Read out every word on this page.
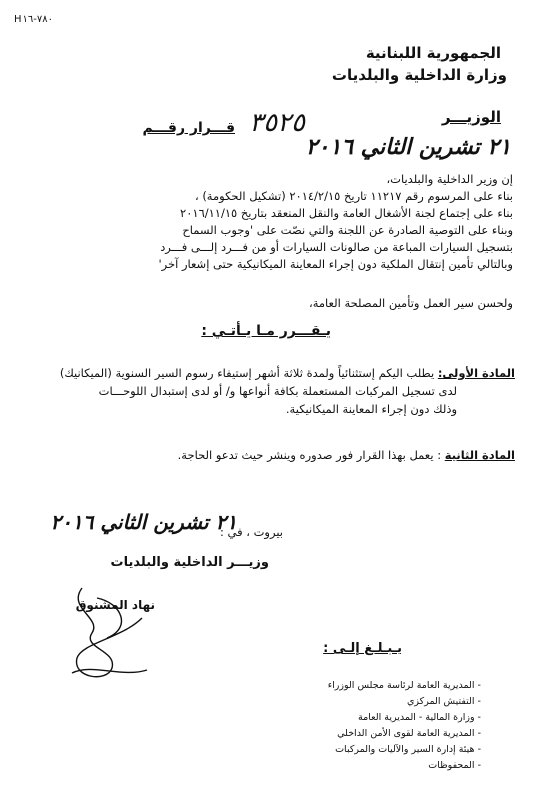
H٧٨٠-١٦
الجمهورية اللبنانية
وزارة الداخلية والبلديات
الوزيـــر
قـــرار رقـــم ٣٥٢٥
٢١ تشرين الثاني ٢٠١٦
إن وزير الداخلية والبلديات،
بناء على المرسوم رقم ١١٢١٧ تاريخ ٢٠١٤/٢/١٥ (تشكيل الحكومة) ،
بناء على إجتماع لجنة الأشغال العامة والنقل المنعقد بتاريخ ٢٠١٦/١١/١٥
وبناء على التوصية الصادرة عن اللجنة والتي نصّت على 'وجوب السماح
بتسجيل السيارات المباعة من صالونات السيارات أو من فـــرد إلـــى فـــرد
وبالتالي تأمين إنتقال الملكية دون إجراء المعاينة الميكانيكية حتى إشعار آخر'
ولحسن سير العمل وتأمين المصلحة العامة،
يـقـــرر مـا يـأتـي :
المادة الأولى: يطلب اليكم إستثنائياً ولمدة ثلاثة أشهر إستيفاء رسوم السير السنوية (الميكانيك)
لدى تسجيل المركبات المستعملة بكافة أنواعها و/ أو لدى إستبدال اللوحـــات
وذلك دون إجراء المعاينة الميكانيكية.
المادة الثانية : يعمل بهذا القرار فور صدوره وينشر حيث تدعو الحاجة.
٢١ تشرين الثاني ٢٠١٦
بيروت ، في :
وزيـــر الداخلية والبلديات
نهاد المشنوق
يـبـلـغ إلـى :
- المديرية العامة لرئاسة مجلس الوزراء
- التفتيش المركزي
- وزارة المالية - المديرية العامة
- المديرية العامة لقوى الأمن الداخلي
- هيئة إدارة السير والآليات والمركبات
- المحفوظات
